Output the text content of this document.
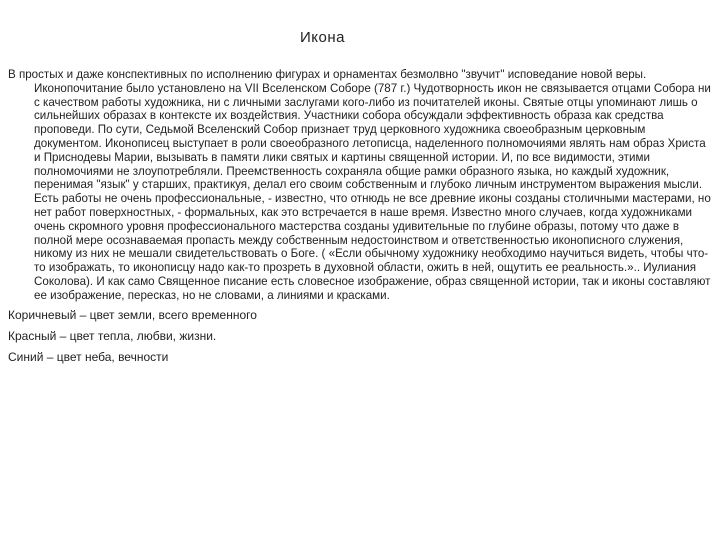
Икона

В простых и даже конспективных по исполнению фигурах и орнаментах безмолвно "звучит" исповедание новой веры. Иконопочитание было установлено на VII Вселенском Соборе (787 г.) Чудотворность икон не связывается отцами Собора ни с качеством работы художника, ни с личными заслугами кого-либо из почитателей иконы. Святые отцы упоминают лишь о сильнейших образах в контексте их воздействия. Участники собора обсуждали эффективность образа как средства проповеди. По сути, Седьмой Вселенский Собор признает труд церковного художника своеобразным церковным документом. Иконописец выступает в роли своеобразного летописца, наделенного полномочиями являть нам образ Христа и Приснодевы Марии, вызывать в памяти лики святых и картины священной истории. И, по все видимости, этими полномочиями не злоупотребляли. Преемственность сохраняла общие рамки образного языка, но каждый художник, перенимая "язык" у старших, практикуя, делал его своим собственным и глубоко личным инструментом выражения мысли. Есть работы не очень профессиональные, - известно, что отнюдь не все древние иконы созданы столичными мастерами, но нет работ поверхностных, - формальных, как это встречается в наше время. Известно много случаев, когда художниками очень скромного уровня профессионального мастерства созданы удивительные по глубине образы, потому что даже в полной мере осознаваемая пропасть между собственным недостоинством и ответственностью иконописного служения, никому из них не мешали свидетельствовать о Боге. ( «Если обычному художнику необходимо научиться видеть, чтобы что-то изображать, то иконописцу надо как-то прозреть в духовной области, ожить в ней, ощутить ее реальность.».. Иулиания Соколова). И как само Священное писание есть словесное изображение, образ священной истории, так и иконы составляют ее изображение, пересказ, но не словами, а линиями и красками.

Коричневый – цвет земли, всего временного

Красный – цвет тепла, любви, жизни.

Синий – цвет неба, вечности
